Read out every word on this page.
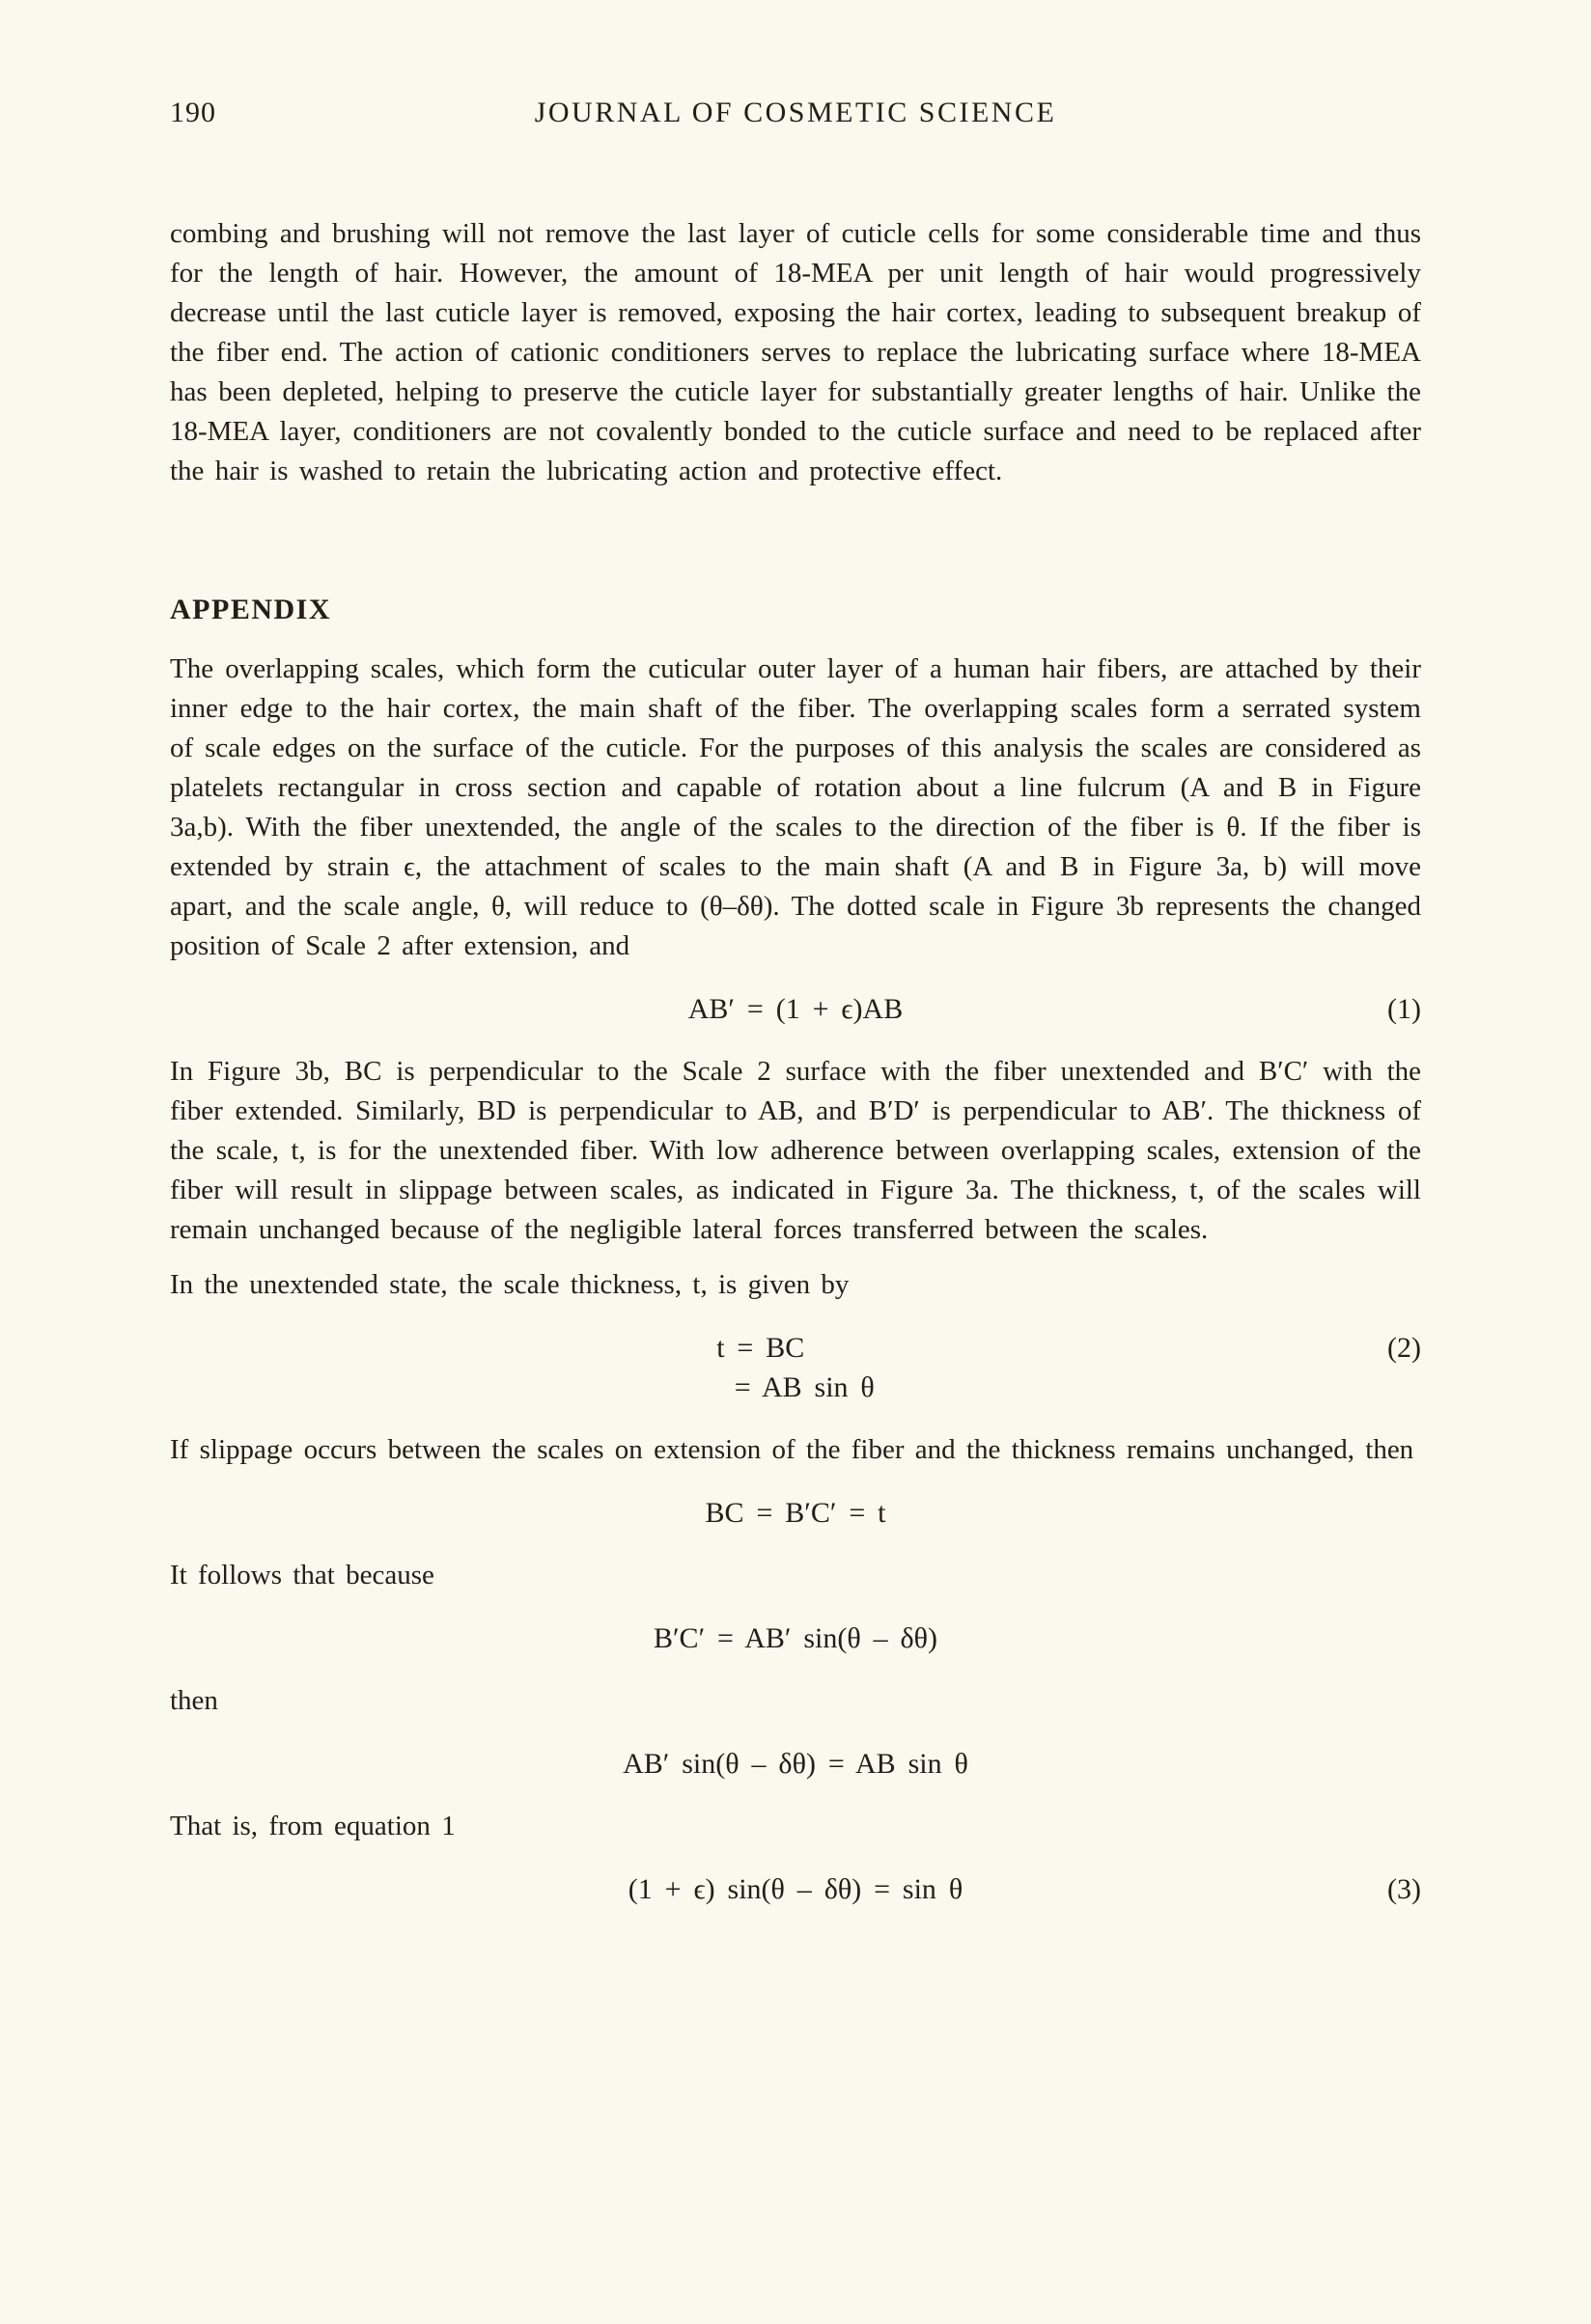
190	JOURNAL OF COSMETIC SCIENCE

combing and brushing will not remove the last layer of cuticle cells for some considerable time and thus for the length of hair. However, the amount of 18-MEA per unit length of hair would progressively decrease until the last cuticle layer is removed, exposing the hair cortex, leading to subsequent breakup of the fiber end. The action of cationic conditioners serves to replace the lubricating surface where 18-MEA has been depleted, helping to preserve the cuticle layer for substantially greater lengths of hair. Unlike the 18-MEA layer, conditioners are not covalently bonded to the cuticle surface and need to be replaced after the hair is washed to retain the lubricating action and protective effect.

APPENDIX

The overlapping scales, which form the cuticular outer layer of a human hair fibers, are attached by their inner edge to the hair cortex, the main shaft of the fiber. The overlapping scales form a serrated system of scale edges on the surface of the cuticle. For the purposes of this analysis the scales are considered as platelets rectangular in cross section and capable of rotation about a line fulcrum (A and B in Figure 3a,b). With the fiber unextended, the angle of the scales to the direction of the fiber is θ. If the fiber is extended by strain ϵ, the attachment of scales to the main shaft (A and B in Figure 3a, b) will move apart, and the scale angle, θ, will reduce to (θ–δθ). The dotted scale in Figure 3b represents the changed position of Scale 2 after extension, and

AB′ = (1 + ϵ)AB	(1)

In Figure 3b, BC is perpendicular to the Scale 2 surface with the fiber unextended and B′C′ with the fiber extended. Similarly, BD is perpendicular to AB, and B′D′ is perpendicular to AB′. The thickness of the scale, t, is for the unextended fiber. With low adherence between overlapping scales, extension of the fiber will result in slippage between scales, as indicated in Figure 3a. The thickness, t, of the scales will remain unchanged because of the negligible lateral forces transferred between the scales.

In the unextended state, the scale thickness, t, is given by

t = BC
= AB sin θ
(2)

If slippage occurs between the scales on extension of the fiber and the thickness remains unchanged, then

BC = B′C′ = t

It follows that because

B′C′ = AB′ sin(θ – δθ)

then

AB′ sin(θ – δθ) = AB sin θ

That is, from equation 1

(1 + ϵ) sin(θ – δθ) = sin θ	(3)
